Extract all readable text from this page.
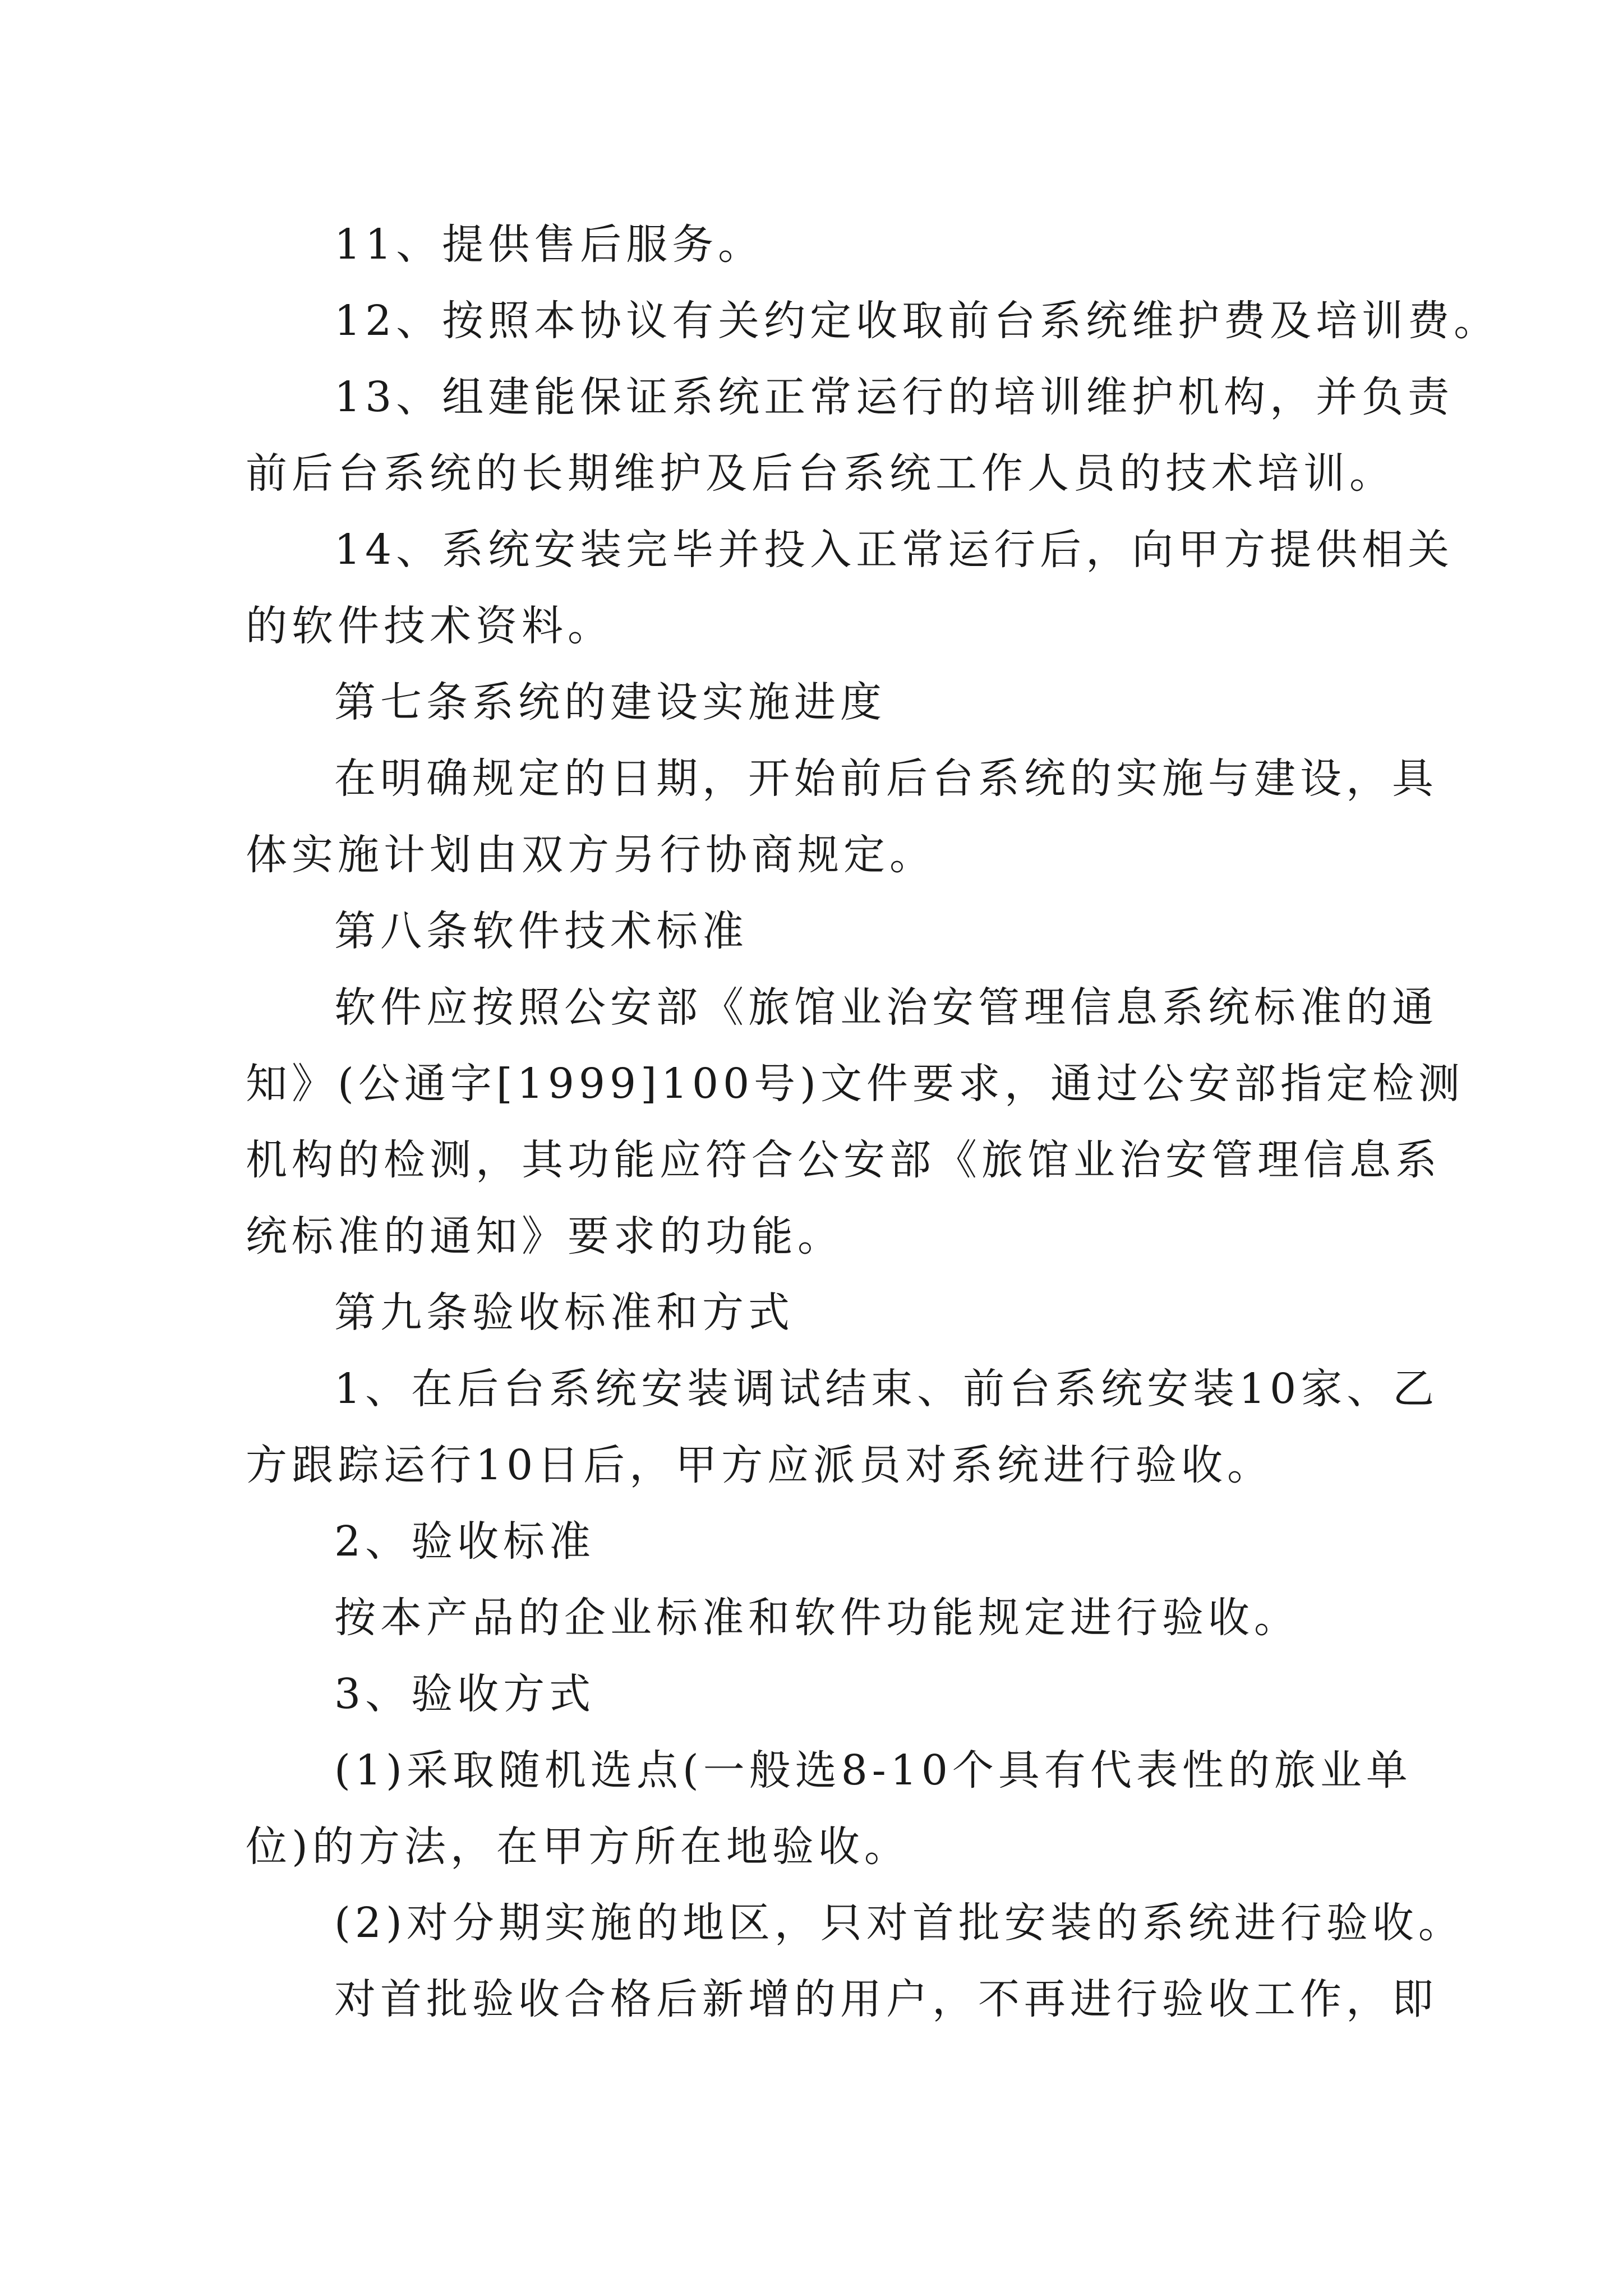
11、提供售后服务。

12、按照本协议有关约定收取前台系统维护费及培训费。

13、组建能保证系统正常运行的培训维护机构，并负责

前后台系统的长期维护及后台系统工作人员的技术培训。

14、系统安装完毕并投入正常运行后，向甲方提供相关

的软件技术资料。

第七条系统的建设实施进度

在明确规定的日期，开始前后台系统的实施与建设，具

体实施计划由双方另行协商规定。

第八条软件技术标准

软件应按照公安部《旅馆业治安管理信息系统标准的通

知》(公通字[1999]100号)文件要求，通过公安部指定检测

机构的检测，其功能应符合公安部《旅馆业治安管理信息系

统标准的通知》要求的功能。

第九条验收标准和方式

1、在后台系统安装调试结束、前台系统安装10家、乙

方跟踪运行10日后，甲方应派员对系统进行验收。

2、验收标准

按本产品的企业标准和软件功能规定进行验收。

3、验收方式

(1)采取随机选点(一般选8-10个具有代表性的旅业单

位)的方法，在甲方所在地验收。

(2)对分期实施的地区，只对首批安装的系统进行验收。

对首批验收合格后新增的用户，不再进行验收工作，即
